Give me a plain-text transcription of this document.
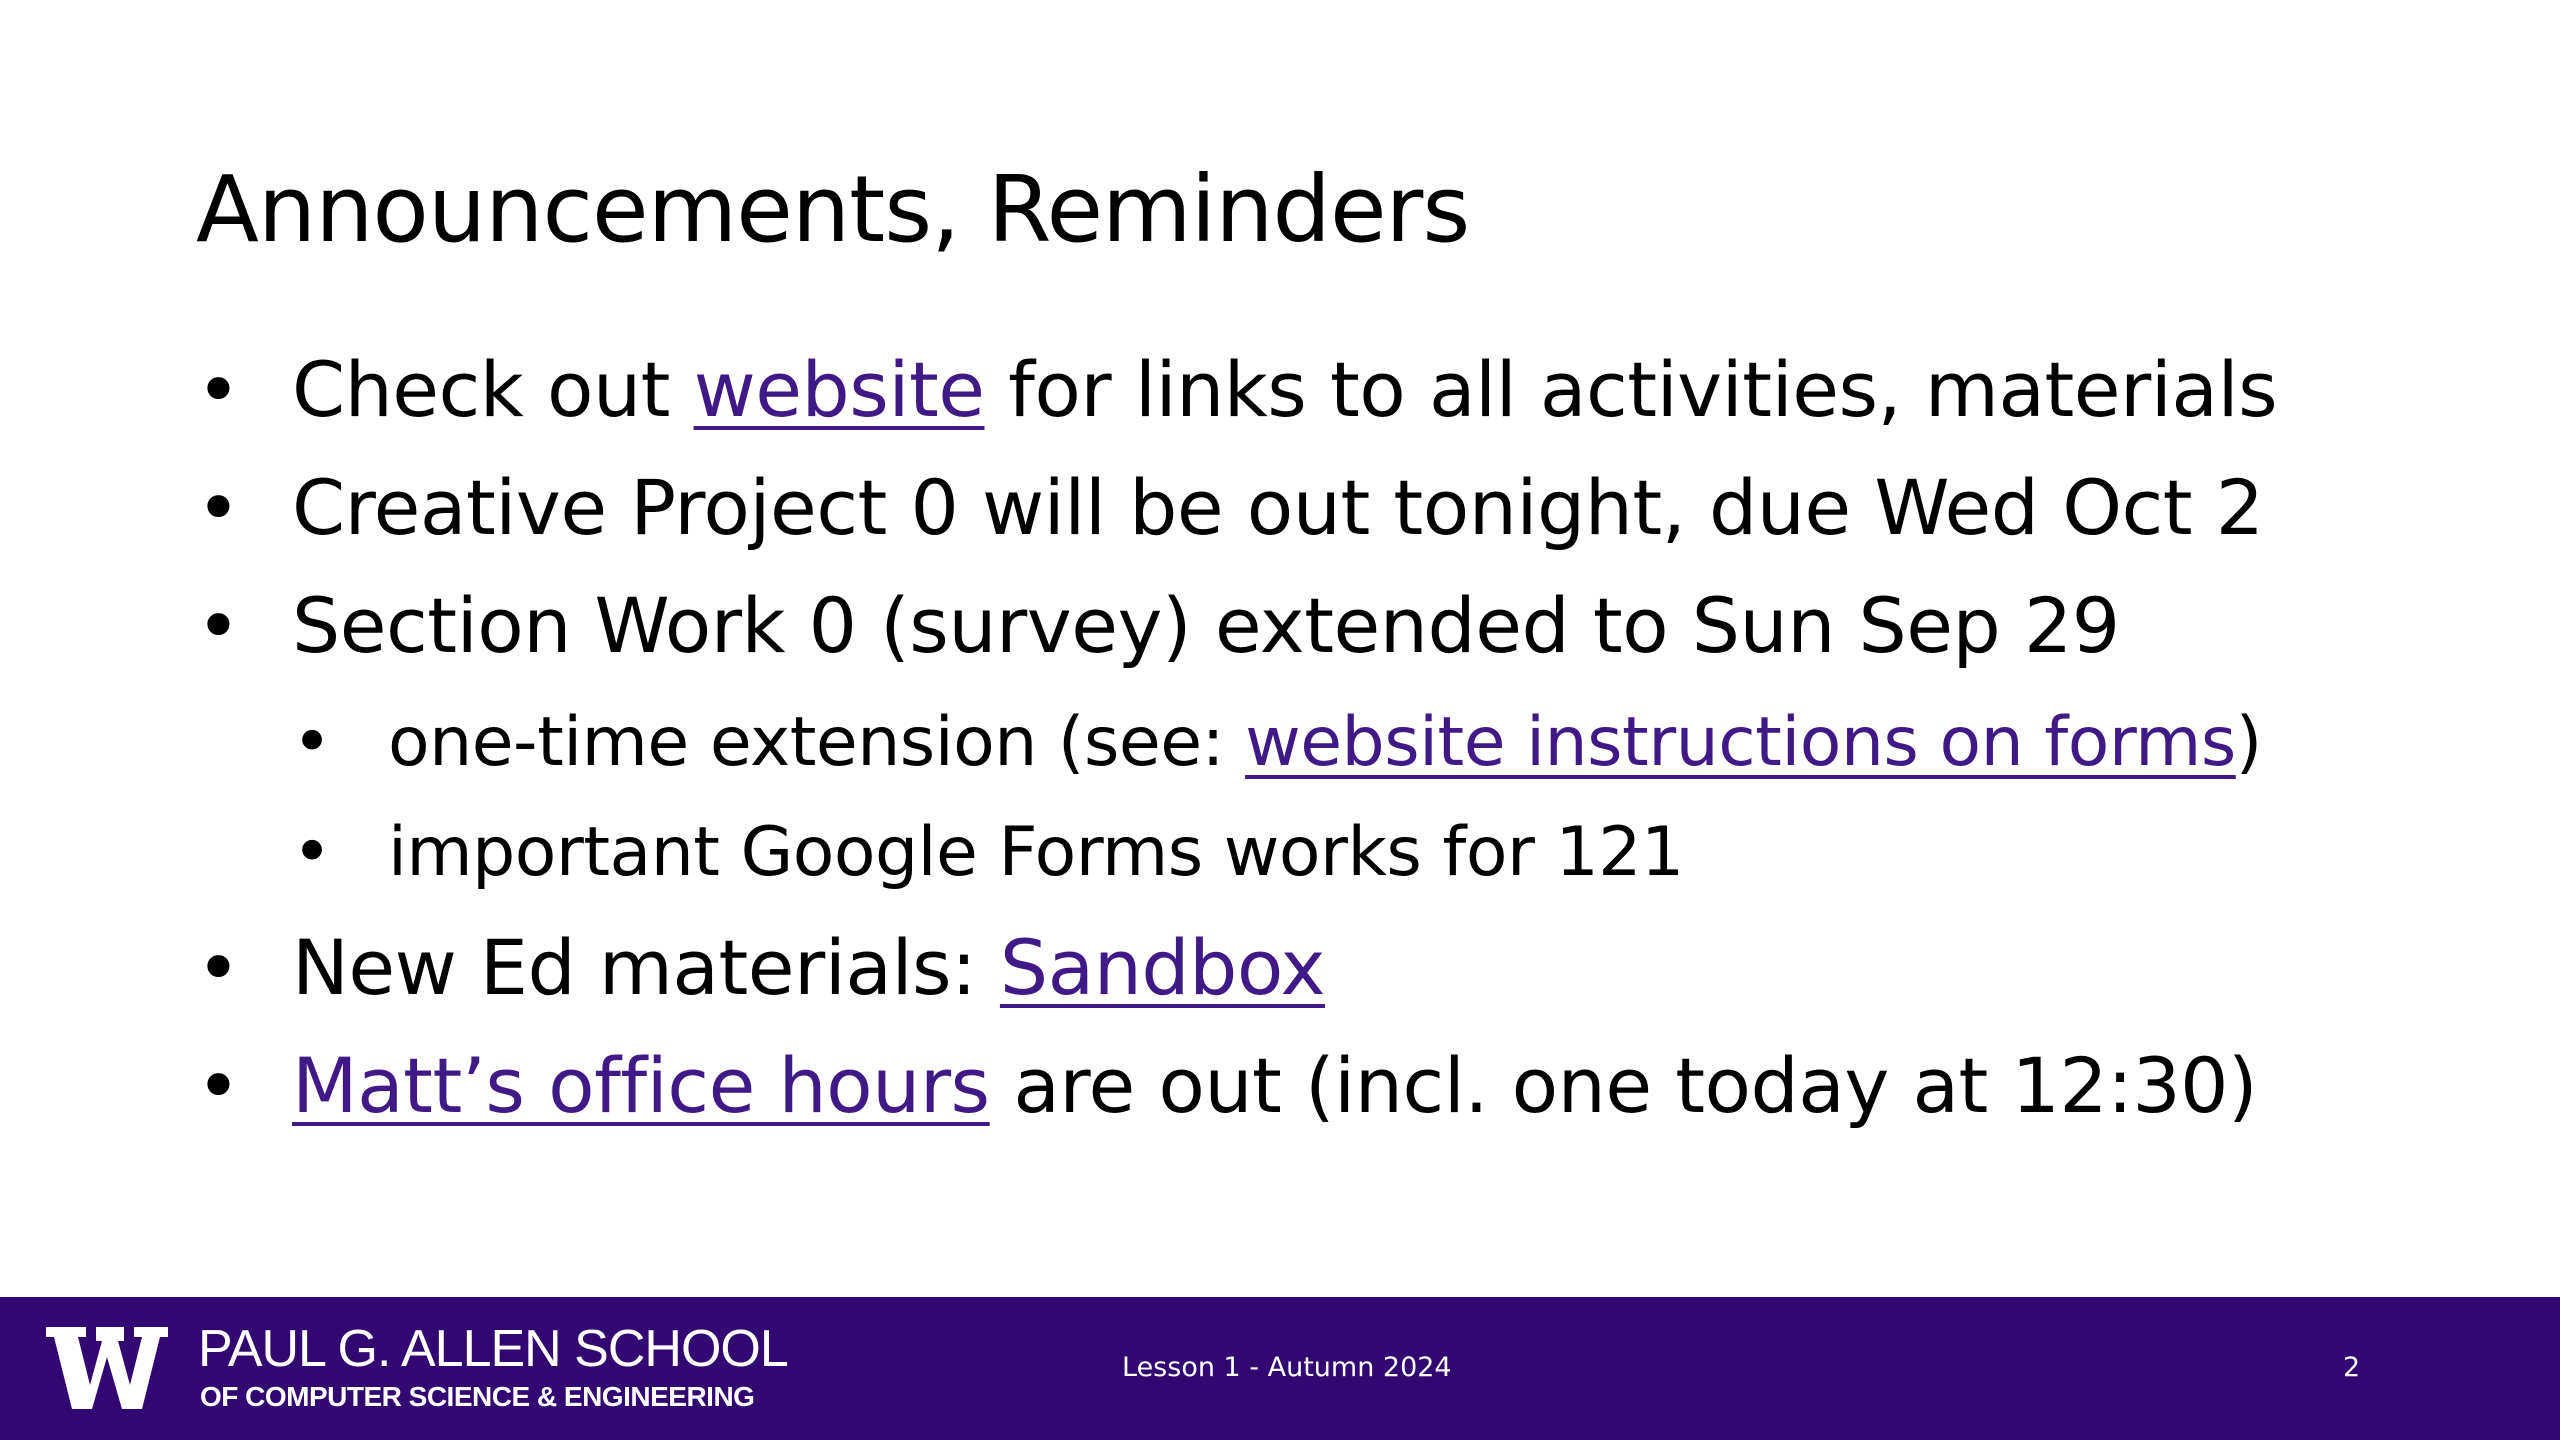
Announcements, Reminders
• Check out website for links to all activities, materials
• Creative Project 0 will be out tonight, due Wed Oct 2
• Section Work 0 (survey) extended to Sun Sep 29
• one-time extension (see: website instructions on forms)
• important Google Forms works for 121
• New Ed materials: Sandbox
• Matt’s office hours are out (incl. one today at 12:30)
PAUL G. ALLEN SCHOOL
OF COMPUTER SCIENCE & ENGINEERING
Lesson 1 - Autumn 2024	2
